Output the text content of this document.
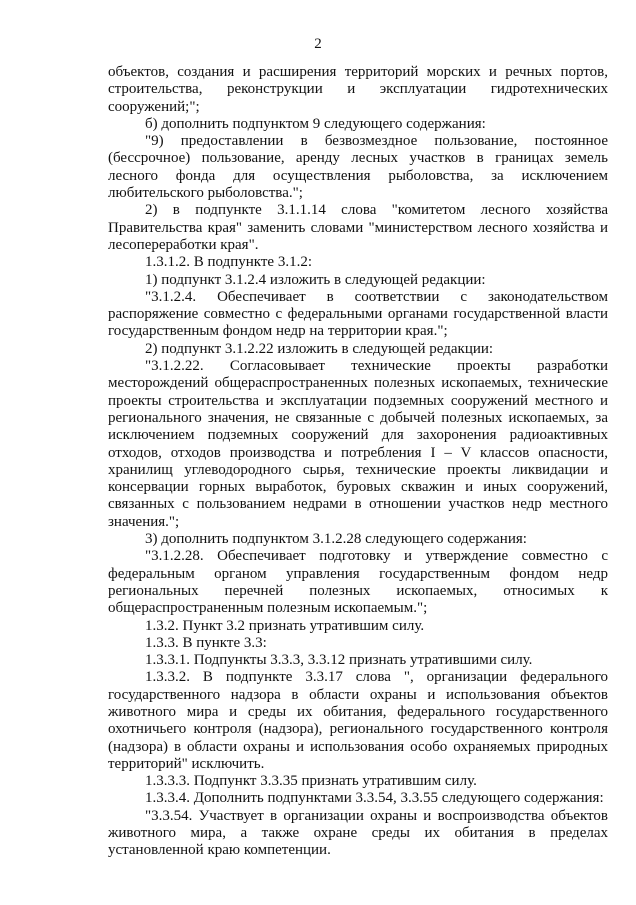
2

объектов, создания и расширения территорий морских и речных портов, строительства, реконструкции и эксплуатации гидротехнических сооружений;";

б) дополнить подпунктом 9 следующего содержания:

"9) предоставлении в безвозмездное пользование, постоянное (бессрочное) пользование, аренду лесных участков в границах земель лесного фонда для осуществления рыболовства, за исключением любительского рыболовства.";

2) в подпункте 3.1.1.14 слова "комитетом лесного хозяйства Правительства края" заменить словами "министерством лесного хозяйства и лесопереработки края".

1.3.1.2. В подпункте 3.1.2:

1) подпункт 3.1.2.4 изложить в следующей редакции:

"3.1.2.4. Обеспечивает в соответствии с законодательством распоряжение совместно с федеральными органами государственной власти государственным фондом недр на территории края.";

2) подпункт 3.1.2.22 изложить в следующей редакции:

"3.1.2.22. Согласовывает технические проекты разработки месторождений общераспространенных полезных ископаемых, технические проекты строительства и эксплуатации подземных сооружений местного и регионального значения, не связанные с добычей полезных ископаемых, за исключением подземных сооружений для захоронения радиоактивных отходов, отходов производства и потребления I – V классов опасности, хранилищ углеводородного сырья, технические проекты ликвидации и консервации горных выработок, буровых скважин и иных сооружений, связанных с пользованием недрами в отношении участков недр местного значения.";

3) дополнить подпунктом 3.1.2.28 следующего содержания:

"3.1.2.28. Обеспечивает подготовку и утверждение совместно с федеральным органом управления государственным фондом недр региональных перечней полезных ископаемых, относимых к общераспространенным полезным ископаемым.";

1.3.2. Пункт 3.2 признать утратившим силу.

1.3.3. В пункте 3.3:

1.3.3.1. Подпункты 3.3.3, 3.3.12 признать утратившими силу.

1.3.3.2. В подпункте 3.3.17 слова ", организации федерального государственного надзора в области охраны и использования объектов животного мира и среды их обитания, федерального государственного охотничьего контроля (надзора), регионального государственного контроля (надзора) в области охраны и использования особо охраняемых природных территорий" исключить.

1.3.3.3. Подпункт 3.3.35 признать утратившим силу.

1.3.3.4. Дополнить подпунктами 3.3.54, 3.3.55 следующего содержания:

"3.3.54. Участвует в организации охраны и воспроизводства объектов животного мира, а также охране среды их обитания в пределах установленной краю компетенции.
